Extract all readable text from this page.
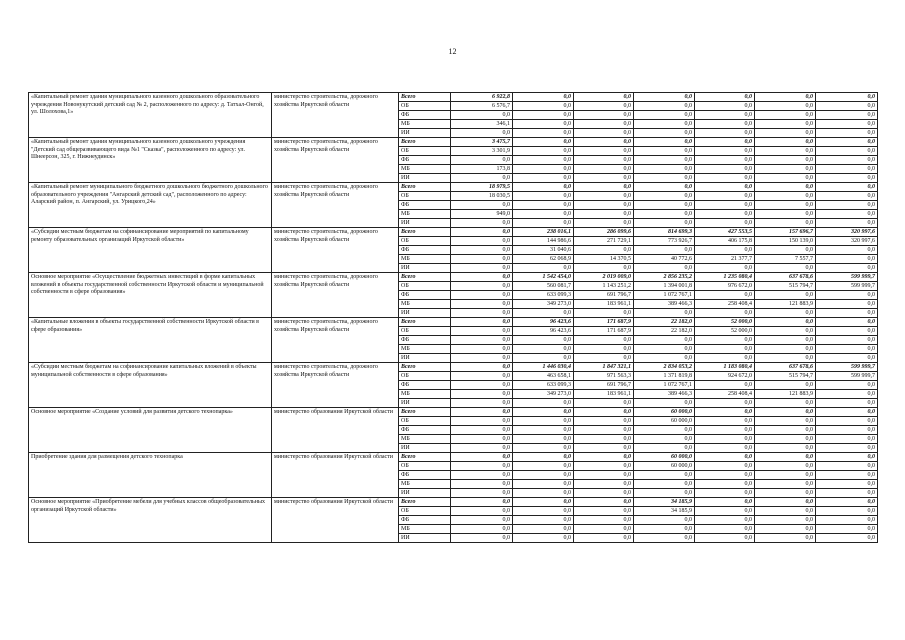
12
«Капитальный ремонт здания муниципального казенного дошкольного образовательного учреждения Новонукутский детский сад № 2, расположенного по адресу: д. Татхал-Онгой, ул. Шолохова,1»	министерство строительства, дорожного хозяйства Иркутской области	Всего	6 922,8	0,0	0,0	0,0	0,0	0,0	0,0
		ОБ	6 576,7	0,0	0,0	0,0	0,0	0,0	0,0
		ФБ	0,0	0,0	0,0	0,0	0,0	0,0	0,0
		МБ	346,1	0,0	0,0	0,0	0,0	0,0	0,0
		ИИ	0,0	0,0	0,0	0,0	0,0	0,0	0,0
«Капитальный ремонт здания муниципального казенного дошкольного учреждения "Детский сад общеразвивающего вида №1 "Сказка", расположенного по адресу: ул. Шнеерсон, 325, г. Нижнеудинск»	министерство строительства, дорожного хозяйства Иркутской области	Всего	3 475,7	0,0	0,0	0,0	0,0	0,0	0,0
		ОБ	3 301,9	0,0	0,0	0,0	0,0	0,0	0,0
		ФБ	0,0	0,0	0,0	0,0	0,0	0,0	0,0
		МБ	173,8	0,0	0,0	0,0	0,0	0,0	0,0
		ИИ	0,0	0,0	0,0	0,0	0,0	0,0	0,0
«Капитальный ремонт муниципального бюджетного дошкольного бюджетного дошкольного образовательного учреждения "Ангарский детский сад", расположенного по адресу: Аларский район, п. Ангарский, ул. Урицкого,24»	министерство строительства, дорожного хозяйства Иркутской области	Всего	18 979,5	0,0	0,0	0,0	0,0	0,0	0,0
		ОБ	18 030,5	0,0	0,0	0,0	0,0	0,0	0,0
		ФБ	0,0	0,0	0,0	0,0	0,0	0,0	0,0
		МБ	949,0	0,0	0,0	0,0	0,0	0,0	0,0
		ИИ	0,0	0,0	0,0	0,0	0,0	0,0	0,0
«Субсидии местным бюджетам на софинансирование мероприятий по капитальному ремонту образовательных организаций Иркутской области»	министерство строительства, дорожного хозяйства Иркутской области	Всего	0,0	238 016,1	286 099,6	814 699,3	427 553,5	157 696,7	320 997,6
		ОБ	0,0	144 986,6	271 729,1	773 926,7	406 175,8	150 139,0	320 997,6
		ФБ	0,0	31 040,6	0,0	0,0	0,0	0,0	0,0
		МБ	0,0	62 068,9	14 370,5	40 772,6	21 377,7	7 557,7	0,0
		ИИ	0,0	0,0	0,0	0,0	0,0	0,0	0,0
Основное мероприятие «Осуществление бюджетных инвестиций в форме капитальных вложений в объекты государственной собственности Иркутской области и муниципальной собственности в сфере образования»	министерство строительства, дорожного хозяйства Иркутской области	Всего	0,0	1 542 454,0	2 019 009,0	2 856 235,2	1 235 080,4	637 678,6	599 999,7
		ОБ	0,0	560 081,7	1 143 251,2	1 394 001,8	976 672,0	515 794,7	599 999,7
		ФБ	0,0	633 099,3	691 796,7	1 072 767,1	0,0	0,0	0,0
		МБ	0,0	349 273,0	183 961,1	389 466,3	258 408,4	121 883,9	0,0
		ИИ	0,0	0,0	0,0	0,0	0,0	0,0	0,0
«Капитальные вложения в объекты государственной собственности Иркутской области в сфере образования»	министерство строительства, дорожного хозяйства Иркутской области	Всего	0,0	96 423,6	171 687,9	22 182,0	52 000,0	0,0	0,0
		ОБ	0,0	96 423,6	171 687,9	22 182,0	52 000,0	0,0	0,0
		ФБ	0,0	0,0	0,0	0,0	0,0	0,0	0,0
		МБ	0,0	0,0	0,0	0,0	0,0	0,0	0,0
		ИИ	0,0	0,0	0,0	0,0	0,0	0,0	0,0
«Субсидии местным бюджетам на софинансирование капитальных вложений в объекты муниципальной собственности в сфере образования»	министерство строительства, дорожного хозяйства Иркутской области	Всего	0,0	1 446 030,4	1 847 321,1	2 834 053,2	1 183 080,4	637 678,6	599 999,7
		ОБ	0,0	463 658,1	971 563,3	1 371 819,8	924 672,0	515 794,7	599 999,7
		ФБ	0,0	633 099,3	691 796,7	1 072 767,1	0,0	0,0	0,0
		МБ	0,0	349 273,0	183 961,1	389 466,3	258 408,4	121 883,9	0,0
		ИИ	0,0	0,0	0,0	0,0	0,0	0,0	0,0
Основное мероприятие «Создание условий для развития детского технопарка»	министерство образования Иркутской области	Всего	0,0	0,0	0,0	60 000,0	0,0	0,0	0,0
		ОБ	0,0	0,0	0,0	60 000,0	0,0	0,0	0,0
		ФБ	0,0	0,0	0,0	0,0	0,0	0,0	0,0
		МБ	0,0	0,0	0,0	0,0	0,0	0,0	0,0
		ИИ	0,0	0,0	0,0	0,0	0,0	0,0	0,0
Приобретение здания для размещения детского технопарка	министерство образования Иркутской области	Всего	0,0	0,0	0,0	60 000,0	0,0	0,0	0,0
		ОБ	0,0	0,0	0,0	60 000,0	0,0	0,0	0,0
		ФБ	0,0	0,0	0,0	0,0	0,0	0,0	0,0
		МБ	0,0	0,0	0,0	0,0	0,0	0,0	0,0
		ИИ	0,0	0,0	0,0	0,0	0,0	0,0	0,0
Основное мероприятие «Приобретение мебели для учебных классов общеобразовательных организаций Иркутской области»	министерство образования Иркутской области	Всего	0,0	0,0	0,0	34 185,9	0,0	0,0	0,0
		ОБ	0,0	0,0	0,0	34 185,9	0,0	0,0	0,0
		ФБ	0,0	0,0	0,0	0,0	0,0	0,0	0,0
		МБ	0,0	0,0	0,0	0,0	0,0	0,0	0,0
		ИИ	0,0	0,0	0,0	0,0	0,0	0,0	0,0
